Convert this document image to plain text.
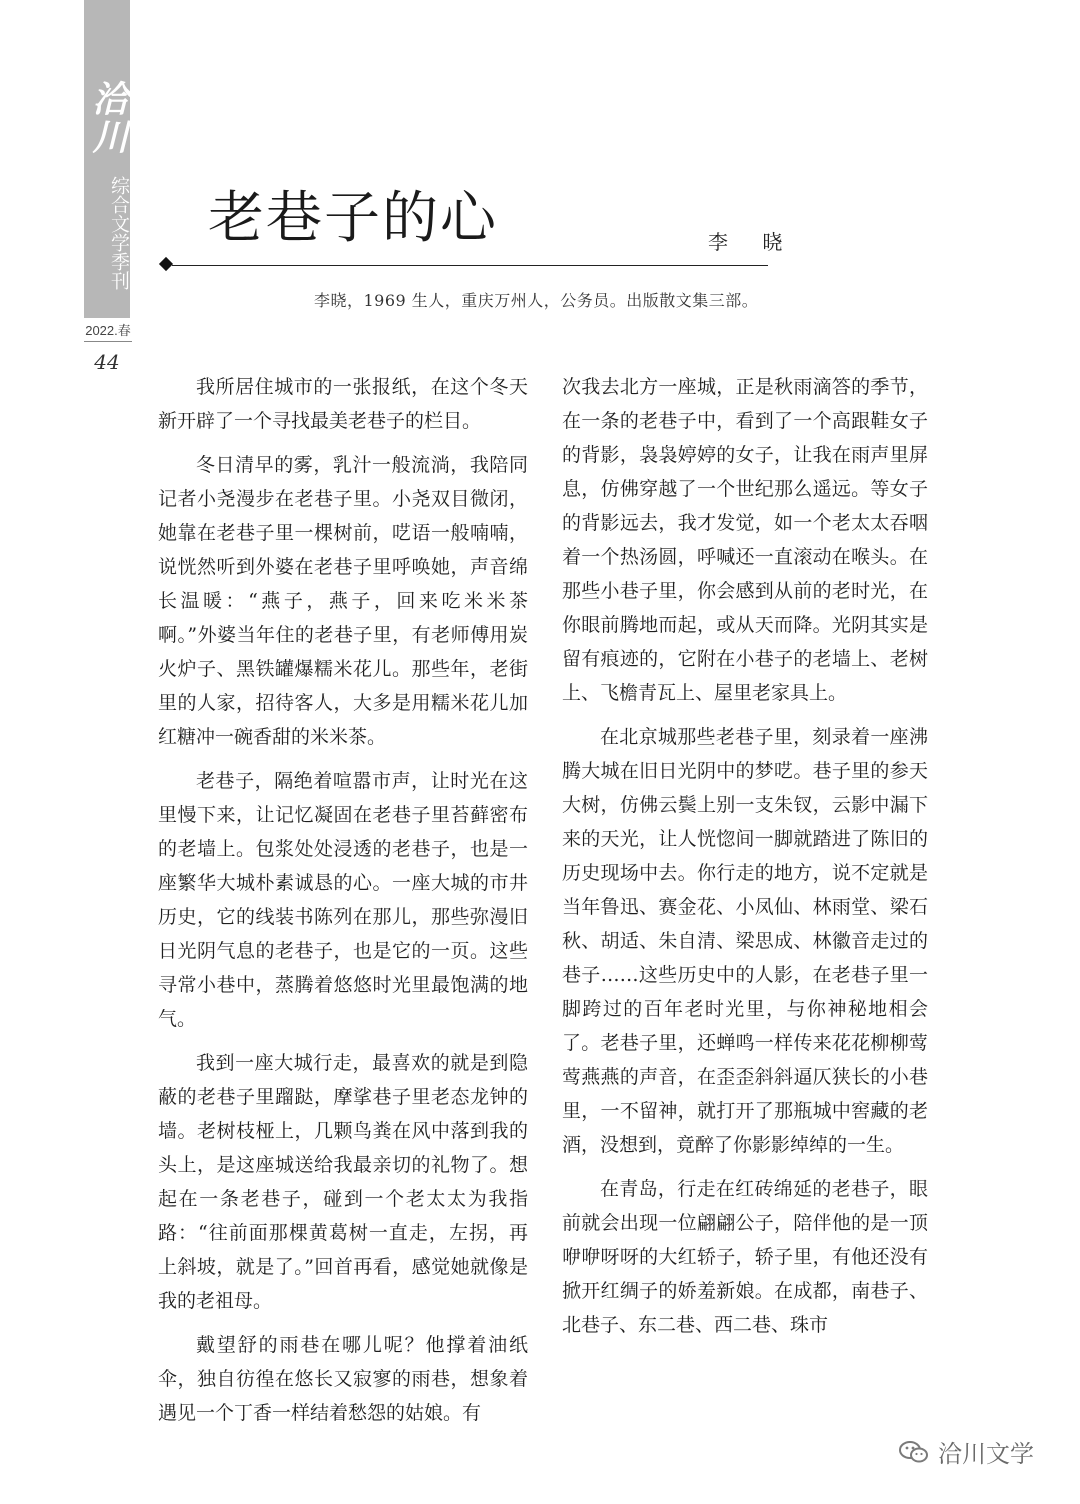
洽川
综合文学季刊
2022.春
44
老巷子的心	李 晓
李晓，1969 生人，重庆万州人，公务员。出版散文集三部。

我所居住城市的一张报纸，在这个冬天新开辟了一个寻找最美老巷子的栏目。

冬日清早的雾，乳汁一般流淌，我陪同记者小尧漫步在老巷子里。小尧双目微闭，她靠在老巷子里一棵树前，呓语一般喃喃，说恍然听到外婆在老巷子里呼唤她，声音绵长温暖：“燕子，燕子，回来吃米米茶啊。”外婆当年住的老巷子里，有老师傅用炭火炉子、黑铁罐爆糯米花儿。那些年，老街里的人家，招待客人，大多是用糯米花儿加红糖冲一碗香甜的米米茶。

老巷子，隔绝着喧嚣市声，让时光在这里慢下来，让记忆凝固在老巷子里苔藓密布的老墙上。包浆处处浸透的老巷子，也是一座繁华大城朴素诚恳的心。一座大城的市井历史，它的线装书陈列在那儿，那些弥漫旧日光阴气息的老巷子，也是它的一页。这些寻常小巷中，蒸腾着悠悠时光里最饱满的地气。

我到一座大城行走，最喜欢的就是到隐蔽的老巷子里蹓跶，摩挲巷子里老态龙钟的墙。老树枝桠上，几颗鸟粪在风中落到我的头上，是这座城送给我最亲切的礼物了。想起在一条老巷子，碰到一个老太太为我指路：“往前面那棵黄葛树一直走，左拐，再上斜坡，就是了。”回首再看，感觉她就像是我的老祖母。

戴望舒的雨巷在哪儿呢？他撑着油纸伞，独自彷徨在悠长又寂寥的雨巷，想象着遇见一个丁香一样结着愁怨的姑娘。有

次我去北方一座城，正是秋雨滴答的季节，在一条的老巷子中，看到了一个高跟鞋女子的背影，袅袅婷婷的女子，让我在雨声里屏息，仿佛穿越了一个世纪那么遥远。等女子的背影远去，我才发觉，如一个老太太吞咽着一个热汤圆，呼喊还一直滚动在喉头。在那些小巷子里，你会感到从前的老时光，在你眼前腾地而起，或从天而降。光阴其实是留有痕迹的，它附在小巷子的老墙上、老树上、飞檐青瓦上、屋里老家具上。

在北京城那些老巷子里，刻录着一座沸腾大城在旧日光阴中的梦呓。巷子里的参天大树，仿佛云鬓上别一支朱钗，云影中漏下来的天光，让人恍惚间一脚就踏进了陈旧的历史现场中去。你行走的地方，说不定就是当年鲁迅、赛金花、小凤仙、林雨堂、梁石秋、胡适、朱自清、梁思成、林徽音走过的巷子……这些历史中的人影，在老巷子里一脚跨过的百年老时光里，与你神秘地相会了。老巷子里，还蝉鸣一样传来花花柳柳莺莺燕燕的声音，在歪歪斜斜逼仄狭长的小巷里，一不留神，就打开了那瓶城中窖藏的老酒，没想到，竟醉了你影影绰绰的一生。

在青岛，行走在红砖绵延的老巷子，眼前就会出现一位翩翩公子，陪伴他的是一顶咿咿呀呀的大红轿子，轿子里，有他还没有掀开红绸子的娇羞新娘。在成都，南巷子、北巷子、东二巷、西二巷、珠市

洽川文学
